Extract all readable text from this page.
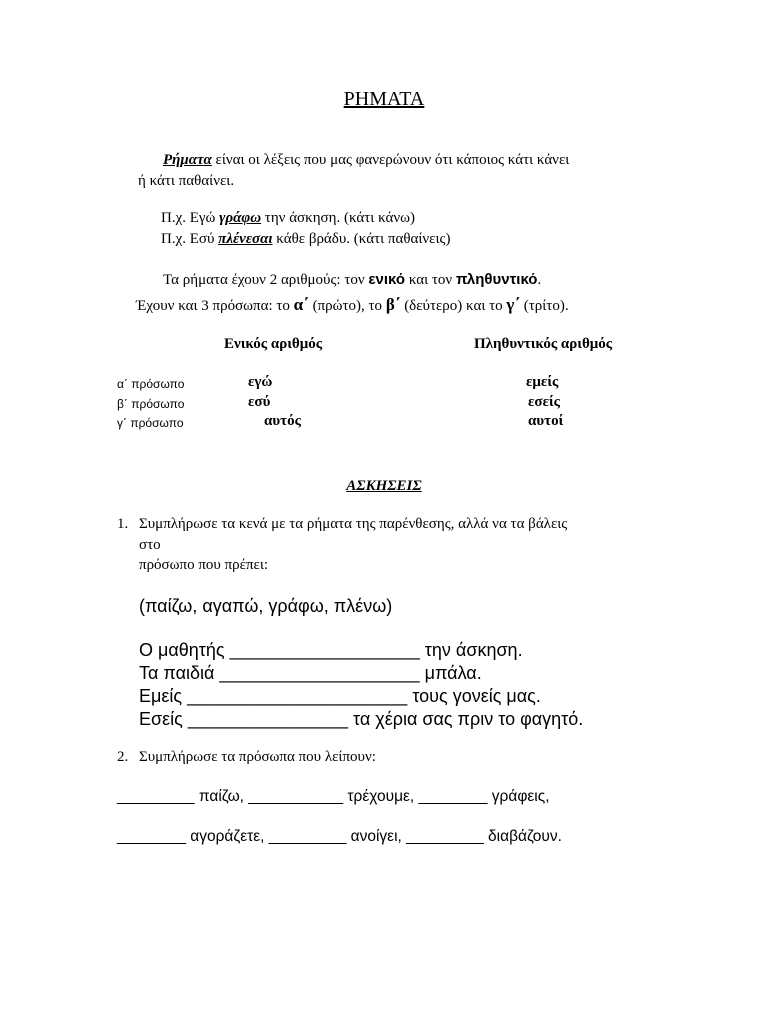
ΡΗΜΑΤΑ
Ρήματα είναι οι λέξεις που μας φανερώνουν ότι κάποιος κάτι κάνει
ή κάτι παθαίνει.
Π.χ. Εγώ γράφω την άσκηση. (κάτι κάνω)
Π.χ. Εσύ πλένεσαι κάθε βράδυ. (κάτι παθαίνεις)
Τα ρήματα έχουν 2 αριθμούς: τον ενικό και τον πληθυντικό.
Έχουν και 3 πρόσωπα: το α΄ (πρώτο), το β΄ (δεύτερο) και το γ΄ (τρίτο).
Ενικός αριθμός	Πληθυντικός αριθμός
α΄ πρόσωπο	εγώ	εμείς
β΄ πρόσωπο	εσύ	εσείς
γ΄ πρόσωπο	αυτός	αυτοί
ΑΣΚΗΣΕΙΣ
1. Συμπλήρωσε τα κενά με τα ρήματα της παρένθεσης, αλλά να τα βάλεις
στο
πρόσωπο που πρέπει:
(παίζω, αγαπώ, γράφω, πλένω)
Ο μαθητής ___________________ την άσκηση.
Τα παιδιά ____________________ μπάλα.
Εμείς ______________________ τους γονείς μας.
Εσείς ________________ τα χέρια σας πριν το φαγητό.
2. Συμπλήρωσε τα πρόσωπα που λείπουν:
_________ παίζω, ___________ τρέχουμε, ________ γράφεις,
________ αγοράζετε, _________ ανοίγει, _________ διαβάζουν.
